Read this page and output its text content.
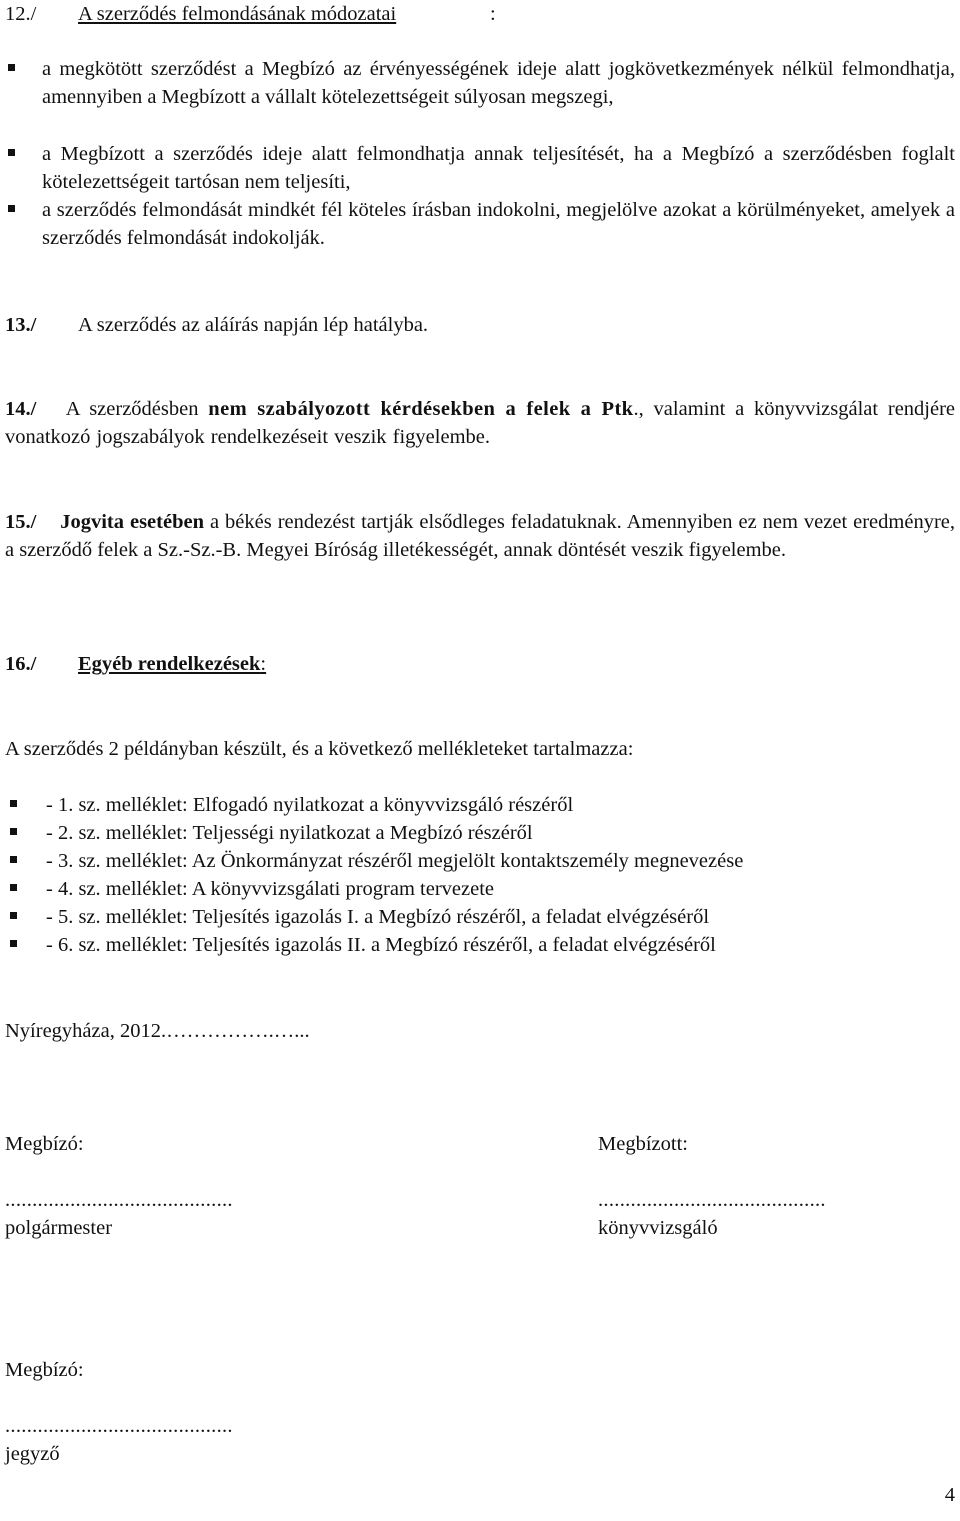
12./ A szerződés felmondásának módozatai	:
a megkötött szerződést a Megbízó az érvényességének ideje alatt jogkövetkezmények nélkül felmondhatja, amennyiben a Megbízott a vállalt kötelezettségeit súlyosan megszegi,
a Megbízott a szerződés ideje alatt felmondhatja annak teljesítését, ha a Megbízó a szerződésben foglalt kötelezettségeit tartósan nem teljesíti,
a szerződés felmondását mindkét fél köteles írásban indokolni, megjelölve azokat a körülményeket, amelyek a szerződés felmondását indokolják.
13./ A szerződés az aláírás napján lép hatályba.
14./ A szerződésben nem szabályozott kérdésekben a felek a Ptk., valamint a könyvvizsgálat rendjére vonatkozó jogszabályok rendelkezéseit veszik figyelembe.
15./ Jogvita esetében a békés rendezést tartják elsődleges feladatuknak. Amennyiben ez nem vezet eredményre, a szerződő felek a Sz.-Sz.-B. Megyei Bíróság illetékességét, annak döntését veszik figyelembe.
16./ Egyéb rendelkezések:
A szerződés 2 példányban készült, és a következő mellékleteket tartalmazza:
- 1. sz. melléklet: Elfogadó nyilatkozat a könyvvizsgáló részéről
- 2. sz. melléklet: Teljességi nyilatkozat a Megbízó részéről
- 3. sz. melléklet: Az Önkormányzat részéről megjelölt kontaktszemély megnevezése
- 4. sz. melléklet: A könyvvizsgálati program tervezete
- 5. sz. melléklet: Teljesítés igazolás I. a Megbízó részéről, a feladat elvégzéséről
- 6. sz. melléklet: Teljesítés igazolás II. a Megbízó részéről, a feladat elvégzéséről
Nyíregyháza, 2012.…………….…...
Megbízó:
..........................................
polgármester
Megbízott:
..........................................
könyvvizsgáló
Megbízó:
..........................................
jegyző
4
